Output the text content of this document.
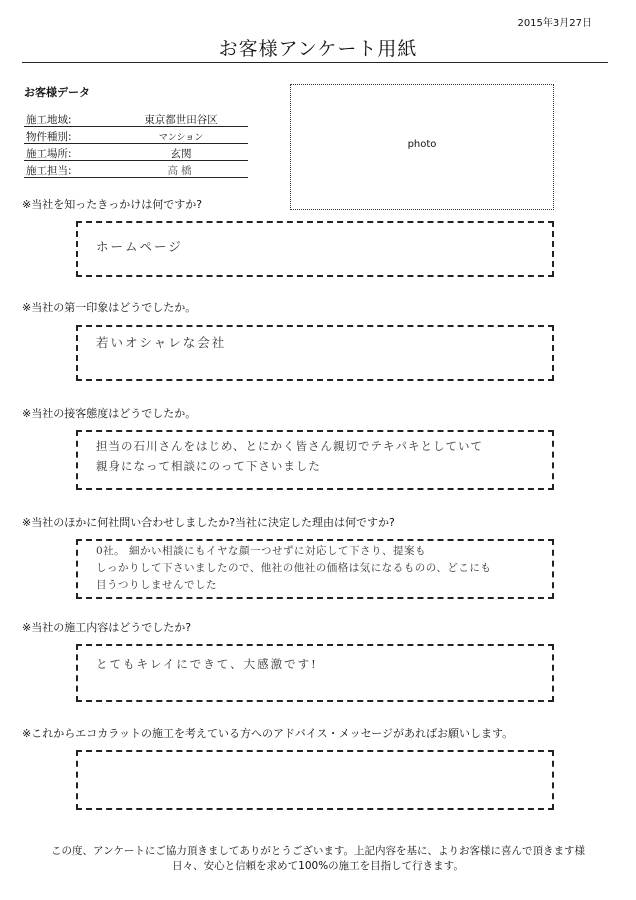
2015年3月27日
お客様アンケート用紙
お客様データ
施工地域:	東京都世田谷区
物件種別:	マンション
施工場所:	玄関
施工担当:	高橋
photo
※当社を知ったきっかけは何ですか?
ホームページ
※当社の第一印象はどうでしたか。
若いオシャレな会社
※当社の接客態度はどうでしたか。
担当の石川さんをはじめ、とにかく皆さん親切でテキパキとしていて
親身になって相談にのって下さいました
※当社のほかに何社問い合わせしましたか?当社に決定した理由は何ですか?
0社。 細かい相談にもイヤな顔一つせずに対応して下さり、提案も
しっかりして下さいましたので、他社の他社の価格は気になるものの、どこにも
目うつりしませんでした
※当社の施工内容はどうでしたか?
とてもキレイにできて、大感激です!
※これからエコカラットの施工を考えている方へのアドバイス・メッセージがあればお願いします。
この度、アンケートにご協力頂きましてありがとうございます。上記内容を基に、よりお客様に喜んで頂きます様
日々、安心と信頼を求めて100%の施工を目指して行きます。
